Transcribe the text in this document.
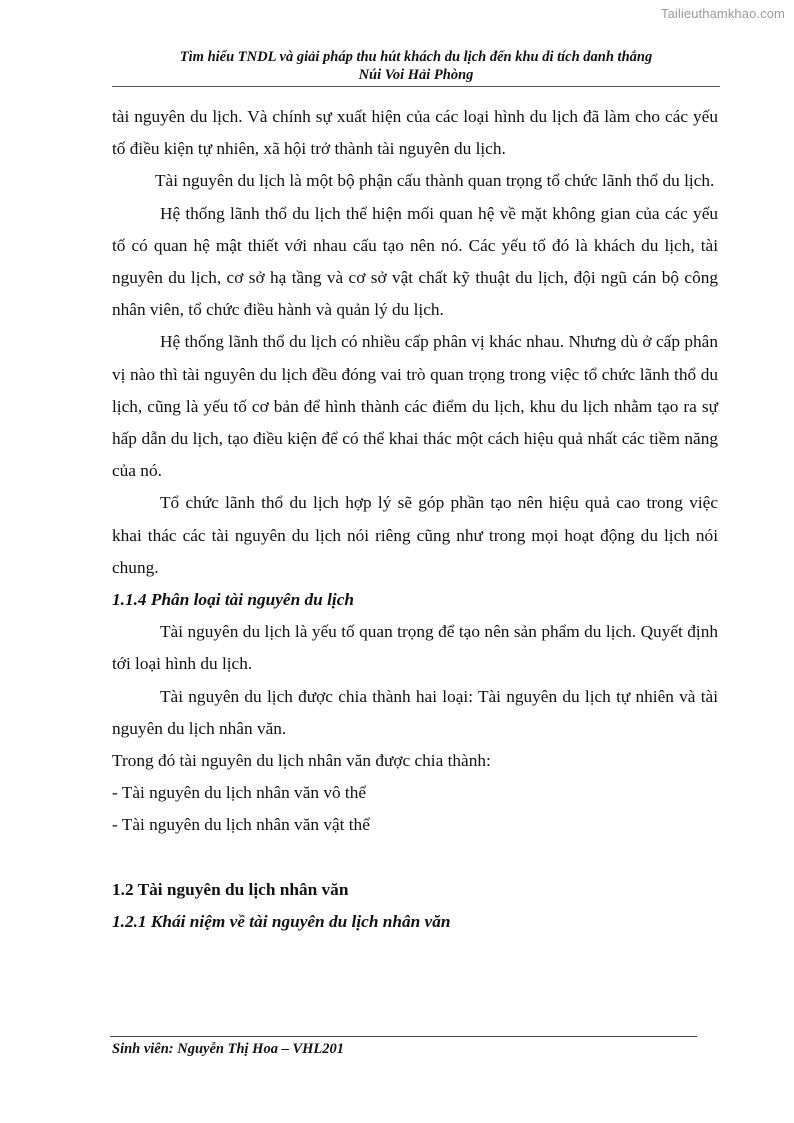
Tailieuthamkhao.com
Tìm hiểu TNDL và giải pháp thu hút khách du lịch đến khu di tích danh thắng
Núi Voi Hải Phòng

tài nguyên du lịch. Và chính sự xuất hiện của các loại hình du lịch đã làm cho các yếu tố điều kiện tự nhiên, xã hội trở thành tài nguyên du lịch.

Tài nguyên du lịch là một bộ phận cấu thành quan trọng tổ chức lãnh thổ du lịch.

Hệ thống lãnh thổ du lịch thể hiện mối quan hệ về mặt không gian của các yếu tố có quan hệ mật thiết với nhau cấu tạo nên nó. Các yếu tố đó là khách du lịch, tài nguyên du lịch, cơ sở hạ tầng và cơ sở vật chất kỹ thuật du lịch, đội ngũ cán bộ công nhân viên, tổ chức điều hành và quản lý du lịch.

Hệ thống lãnh thổ du lịch có nhiều cấp phân vị khác nhau. Nhưng dù ở cấp phân vị nào thì tài nguyên du lịch đều đóng vai trò quan trọng trong việc tổ chức lãnh thổ du lịch, cũng là yếu tố cơ bản để hình thành các điểm du lịch, khu du lịch nhằm tạo ra sự hấp dẫn du lịch, tạo điều kiện để có thể khai thác một cách hiệu quả nhất các tiềm năng của nó.

Tổ chức lãnh thổ du lịch hợp lý sẽ góp phần tạo nên hiệu quả cao trong việc khai thác các tài nguyên du lịch nói riêng cũng như trong mọi hoạt động du lịch nói chung.

1.1.4 Phân loại tài nguyên du lịch

Tài nguyên du lịch là yếu tố quan trọng để tạo nên sản phẩm du lịch. Quyết định tới loại hình du lịch.

Tài nguyên du lịch được chia thành hai loại: Tài nguyên du lịch tự nhiên và tài nguyên du lịch nhân văn.

Trong đó tài nguyên du lịch nhân văn được chia thành:

- Tài nguyên du lịch nhân văn vô thể

- Tài nguyên du lịch nhân văn vật thể

1.2 Tài nguyên du lịch nhân văn
1.2.1 Khái niệm về tài nguyên du lịch nhân văn
Sinh viên: Nguyễn Thị Hoa – VHL201
